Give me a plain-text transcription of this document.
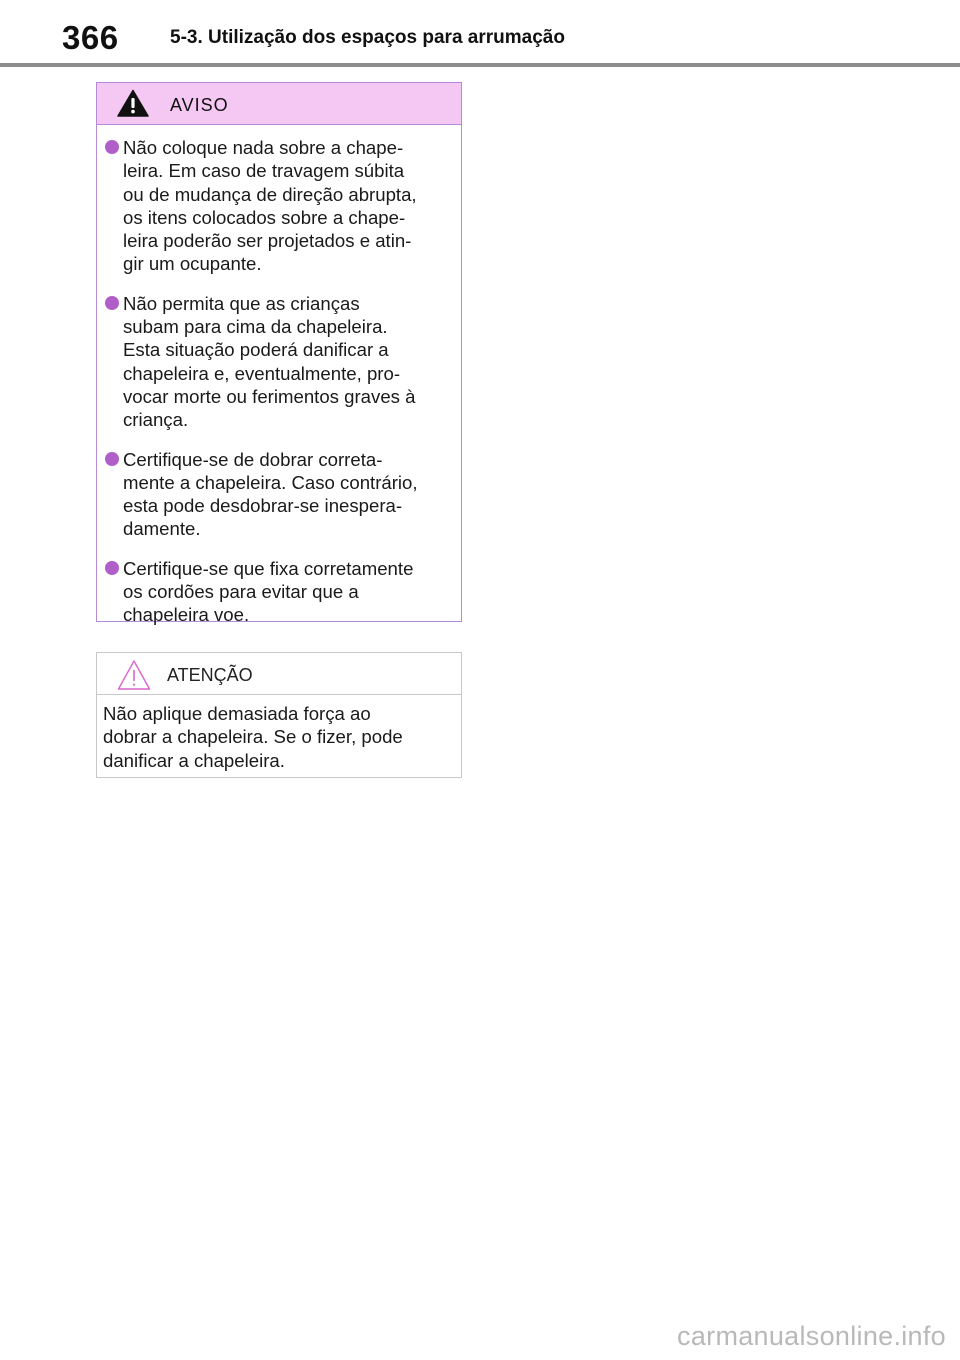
366	5-3. Utilização dos espaços para arrumação
AVISO
Não coloque nada sobre a chape-
leira. Em caso de travagem súbita
ou de mudança de direção abrupta,
os itens colocados sobre a chape-
leira poderão ser projetados e atin-
gir um ocupante.
Não permita que as crianças
subam para cima da chapeleira.
Esta situação poderá danificar a
chapeleira e, eventualmente, pro-
vocar morte ou ferimentos graves à
criança.
Certifique-se de dobrar correta-
mente a chapeleira. Caso contrário,
esta pode desdobrar-se inespera-
damente.
Certifique-se que fixa corretamente
os cordões para evitar que a
chapeleira voe.
ATENÇÃO
Não aplique demasiada força ao
dobrar a chapeleira. Se o fizer, pode
danificar a chapeleira.
carmanualsonline.info
